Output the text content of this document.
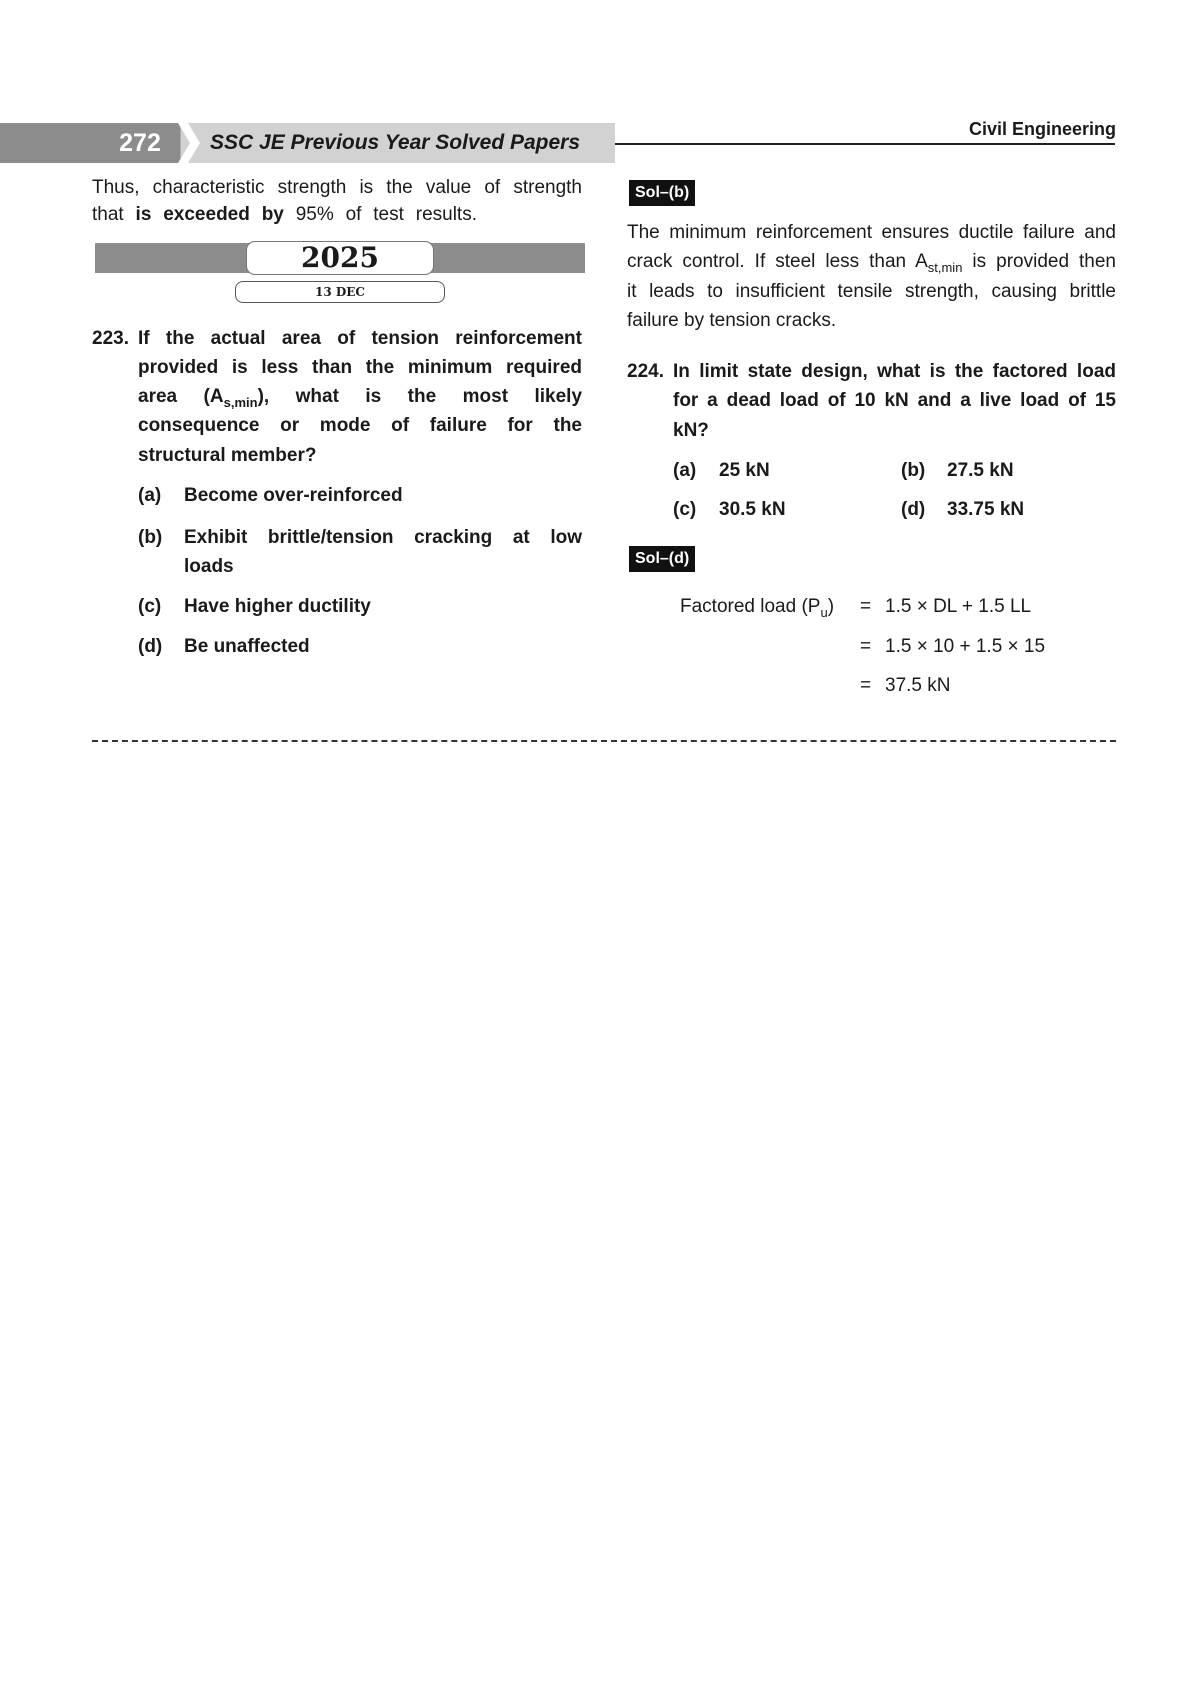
272	SSC JE Previous Year Solved Papers
Civil Engineering
Thus, characteristic strength is the value of strength
that is exceeded by 95% of test results.
2025
13 DEC
223. If the actual area of tension reinforcement
provided is less than the minimum required
area $(A_{s,min})$, what is the most likely
consequence or mode of failure for the
structural member?
(a) Become over-reinforced
(b) Exhibit brittle/tension cracking at low
loads
(c) Have higher ductility
(d) Be unaffected
Sol–(b)
The minimum reinforcement ensures ductile failure and
crack control. If steel less than $A_{st,min}$ is provided then
it leads to insufficient tensile strength, causing brittle
failure by tension cracks.
224. In limit state design, what is the factored load
for a dead load of 10 kN and a live load of 15
kN?
(a) 25 kN	(b) 27.5 kN
(c) 30.5 kN	(d) 33.75 kN
Sol–(d)
Factored load $(P_u) = 1.5$ × DL + 1.5 LL
= 1.5 × 10 + 1.5 × 15
= 37.5 kN
